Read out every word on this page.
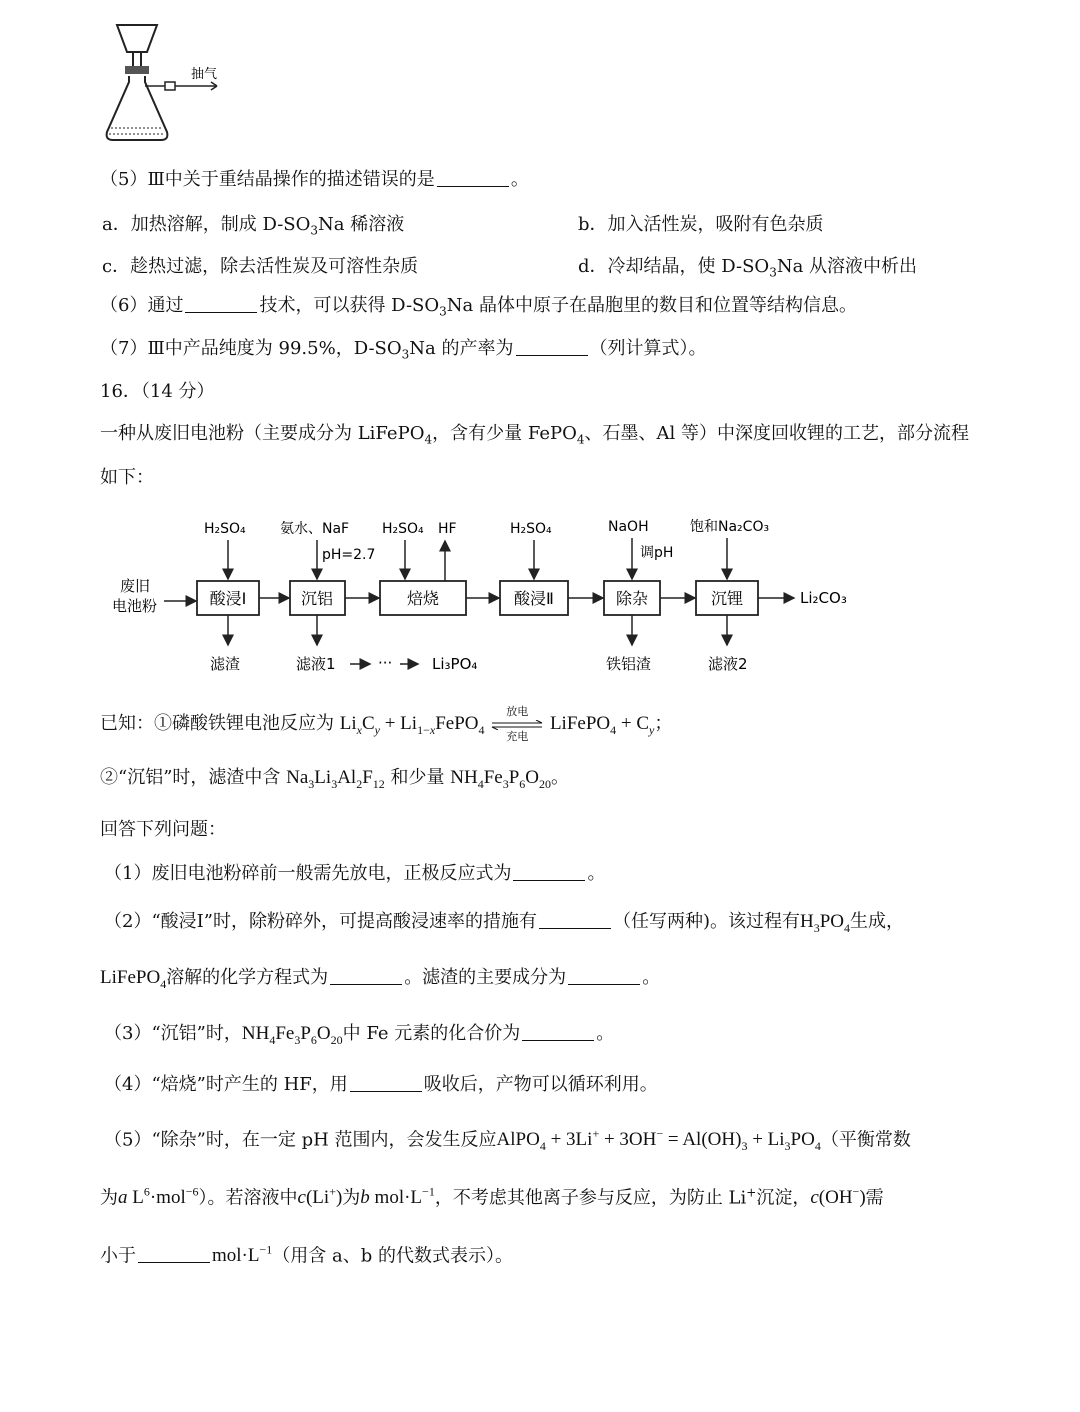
抽气
（5）Ⅲ中关于重结晶操作的描述错误的是	。
a．加热溶解，制成 $D-SO_3Na$ 稀溶液	b．加入活性炭，吸附有色杂质
c．趁热过滤，除去活性炭及可溶性杂质	d．冷却结晶，使 $D-SO_3Na$ 从溶液中析出
（6）通过	技术，可以获得 $D-SO_3Na$ 晶体中原子在晶胞里的数目和位置等结构信息。
（7）Ⅲ中产品纯度为 99.5%，$D-SO_3Na$ 的产率为	（列计算式）。
16．（14 分）
一种从废旧电池粉（主要成分为 LiFePO$_4$，含有少量 FePO$_4$、石墨、Al 等）中深度回收锂的工艺，部分流程
如下：
废旧
电池粉	酸浸Ⅰ	沉铝	焙烧	酸浸Ⅱ	除杂	沉锂	Li₂CO₃
H₂SO₄ 氨水、NaF
pH=2.7
H₂SO₄ HF	H₂SO₄	NaOH
调pH
饱和Na₂CO₃
滤渣	滤液1	···	Li₃PO₄	铁铝渣	滤液2
已知：①磷酸铁锂电池反应为 $Li_xC_y$ + $Li_{1-x}FePO_4$
放电
充电
LiFePO$_4$ + $C_y$；
②“沉铝”时，滤渣中含 $Na_3Li_3Al_2F_{12}$ 和少量 $NH_4Fe_3P_6O_{20}$。
回答下列问题：
（1）废旧电池粉碎前一般需先放电，正极反应式为	。
（2）“酸浸Ⅰ”时，除粉碎外，可提高酸浸速率的措施有	（任写两种)。该过程有$H_3PO_4$生成，
LiFePO$_4$溶解的化学方程式为	。滤渣的主要成分为	。
（3）“沉铝”时，$NH_4Fe_3P_6O_{20}$中 Fe 元素的化合价为	。
（4）“焙烧”时产生的 HF，用	吸收后，产物可以循环利用。
（5）“除杂”时，在一定 pH 范围内，会发生反应AlPO$_4$ + $3Li^+ + 3OH^- = Al(OH)_3 + Li_3PO_4$（平衡常数
为a $L^6\cdot mol^{-6}$）。若溶液中c(Li+)为b $mol\cdot L^{-1}$，不考虑其他离子参与反应，为防止 Li+沉淀，c(OH−)需
小于	$mol\cdot L^{-1}$（用含 a、b 的代数式表示）。
